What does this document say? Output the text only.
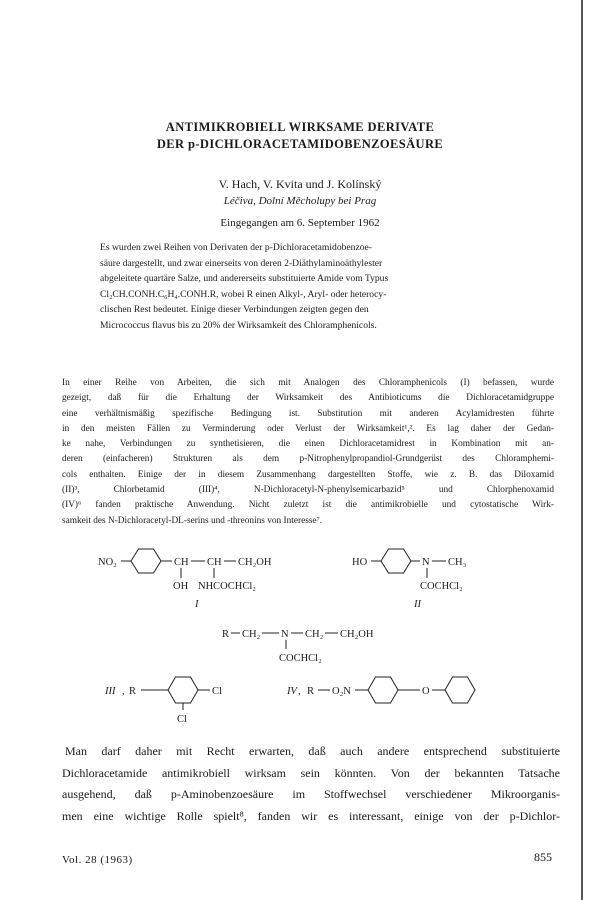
ANTIMIKROBIELL WIRKSAME DERIVATE
DER p-DICHLORACETAMIDOBENZOESÄURE
V. Hach, V. Kvita und J. Kolínský
Léčiva, Dolní Měcholupy bei Prag
Eingegangen am 6. September 1962
Es wurden zwei Reihen von Derivaten der p-Dichloracetamidobenzoe-
säure dargestellt, und zwar einerseits von deren 2-Diäthylaminoäthylester
abgeleitete quartäre Salze, und andererseits substituierte Amide vom Typus
Cl₂CH.CONH.C₆H₄.CONH.R, wobei R einen Alkyl-, Aryl- oder heterocy-
clischen Rest bedeutet. Einige dieser Verbindungen zeigten gegen den
Micrococcus flavus bis zu 20% der Wirksamkeit des Chloramphenicols.
In einer Reihe von Arbeiten, die sich mit Analogen des Chloramphenicols (I) befassen, wurde
gezeigt, daß für die Erhaltung der Wirksamkeit des Antibioticums die Dichloracetamidgruppe
eine verhältnismäßig spezifische Bedingung ist. Substitution mit anderen Acylamidresten führte
in den meisten Fällen zu Verminderung oder Verlust der Wirksamkeit¹,². Es lag daher der Gedan-
ke nahe, Verbindungen zu synthetisieren, die einen Dichloracetamidrest in Kombination mit an-
deren (einfacheren) Strukturen als dem p-Nitrophenylpropandiol-Grundgerüst des Chloramphemi-
cols enthalten. Einige der in diesem Zusammenhang dargestellten Stoffe, wie z. B. das Diloxamid
(II)³, Chlorbetamid (III)⁴, N-Dichloracetyl-N-phenylsemicarbazid⁵ und Chlorphenoxamid
(IV)⁶ fanden praktische Anwendung. Nicht zuletzt ist die antimikrobielle und cytostatische Wirk-
samkeit des N-Dichloracetyl-DL-serins und -threonins von Interesse⁷.
NO₂	CH CH CH₂OH
OH NHCOCHCl₂
I
HO	N CH₃
COCHCl₂
II
R CH₂ N CH₂ CH₂OH
COCHCl₂
III , R	Cl
Cl
IV , R O₂N	O
Man darf daher mit Recht erwarten, daß auch andere entsprechend substituierte
Dichloracetamide antimikrobiell wirksam sein könnten. Von der bekannten Tatsache
ausgehend, daß p-Aminobenzoesäure im Stoffwechsel verschiedener Mikroorganis-
men eine wichtige Rolle spielt⁸, fanden wir es interessant, einige von der p-Dichlor-
Vol. 28 (1963)	855
